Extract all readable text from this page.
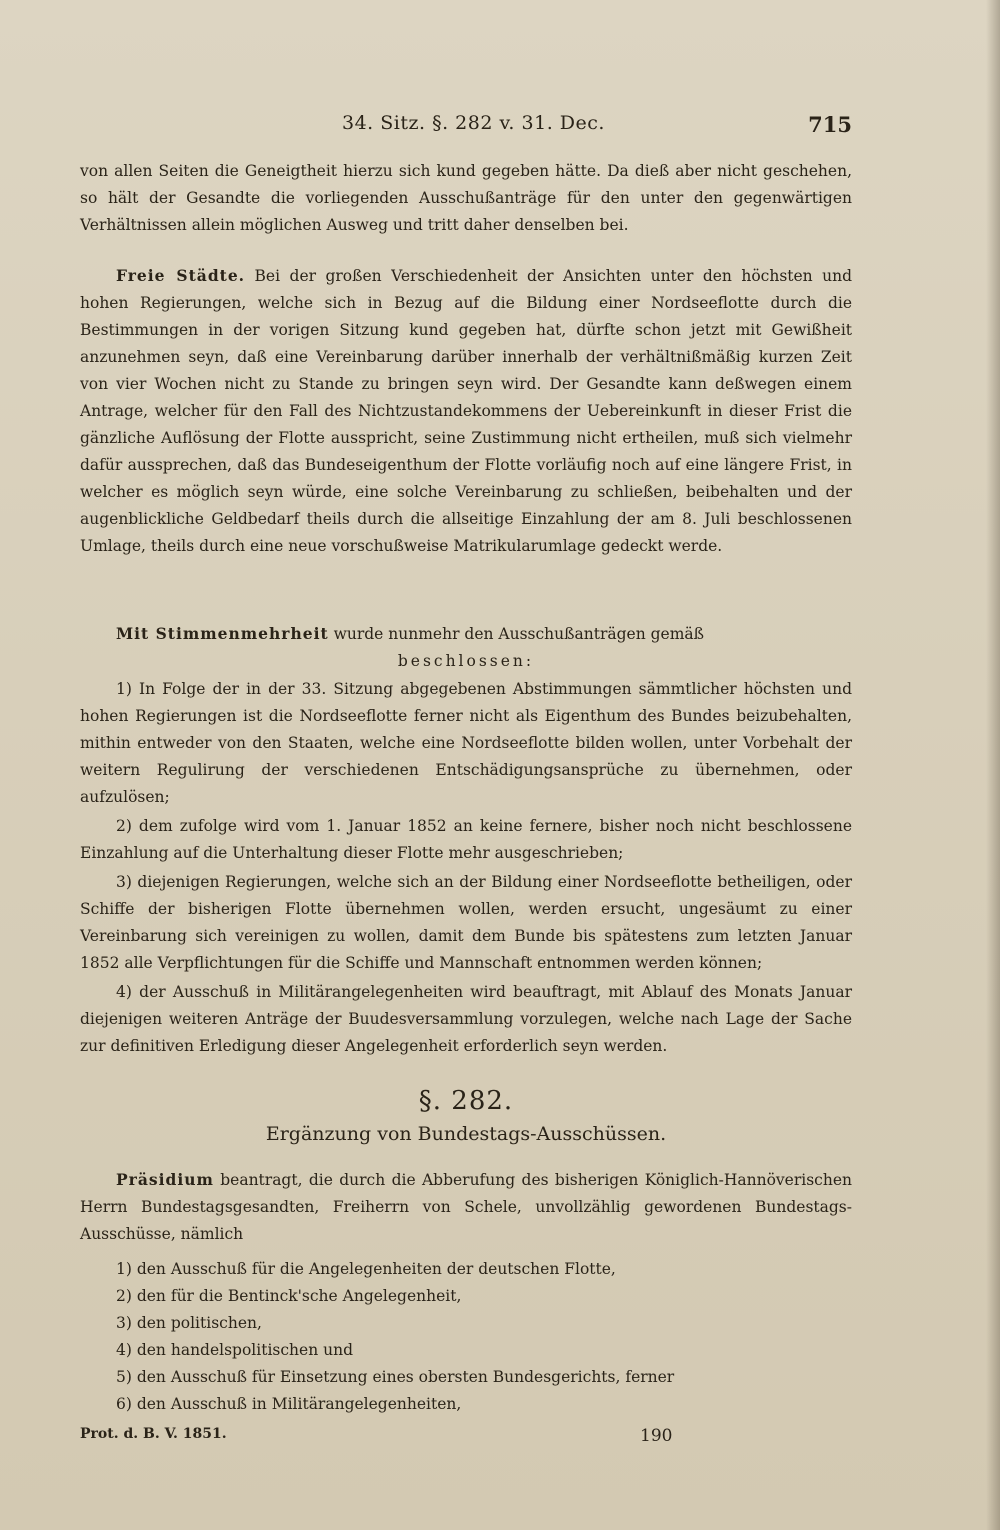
34. Sitz. §. 282 v. 31. Dec.	715

von allen Seiten die Geneigtheit hierzu sich kund gegeben hätte. Da dieß aber nicht geschehen, so hält der Gesandte die vorliegenden Ausschußanträge für den unter den gegenwärtigen Verhältnissen allein möglichen Ausweg und tritt daher denselben bei.

Freie Städte. Bei der großen Verschiedenheit der Ansichten unter den höchsten und hohen Regierungen, welche sich in Bezug auf die Bildung einer Nordseeflotte durch die Bestimmungen in der vorigen Sitzung kund gegeben hat, dürfte schon jetzt mit Gewißheit anzunehmen seyn, daß eine Vereinbarung darüber innerhalb der verhältnißmäßig kurzen Zeit von vier Wochen nicht zu Stande zu bringen seyn wird. Der Gesandte kann deßwegen einem Antrage, welcher für den Fall des Nichtzustandekommens der Uebereinkunft in dieser Frist die gänzliche Auflösung der Flotte ausspricht, seine Zustimmung nicht ertheilen, muß sich vielmehr dafür aussprechen, daß das Bundeseigenthum der Flotte vorläufig noch auf eine längere Frist, in welcher es möglich seyn würde, eine solche Vereinbarung zu schließen, beibehalten und der augenblickliche Geldbedarf theils durch die allseitige Einzahlung der am 8. Juli beschlossenen Umlage, theils durch eine neue vorschußweise Matrikularumlage gedeckt werde.

Mit Stimmenmehrheit wurde nunmehr den Ausschußanträgen gemäß

beschlossen:

1) In Folge der in der 33. Sitzung abgegebenen Abstimmungen sämmtlicher höchsten und hohen Regierungen ist die Nordseeflotte ferner nicht als Eigenthum des Bundes beizubehalten, mithin entweder von den Staaten, welche eine Nordseeflotte bilden wollen, unter Vorbehalt der weitern Regulirung der verschiedenen Entschädigungsansprüche zu übernehmen, oder aufzulösen;

2) dem zufolge wird vom 1. Januar 1852 an keine fernere, bisher noch nicht beschlossene Einzahlung auf die Unterhaltung dieser Flotte mehr ausgeschrieben;

3) diejenigen Regierungen, welche sich an der Bildung einer Nordseeflotte betheiligen, oder Schiffe der bisherigen Flotte übernehmen wollen, werden ersucht, ungesäumt zu einer Vereinbarung sich vereinigen zu wollen, damit dem Bunde bis spätestens zum letzten Januar 1852 alle Verpflichtungen für die Schiffe und Mannschaft entnommen werden können;

4) der Ausschuß in Militärangelegenheiten wird beauftragt, mit Ablauf des Monats Januar diejenigen weiteren Anträge der Buudesversammlung vorzulegen, welche nach Lage der Sache zur definitiven Erledigung dieser Angelegenheit erforderlich seyn werden.

§. 282.

Ergänzung von Bundestags-Ausschüssen.

Präsidium beantragt, die durch die Abberufung des bisherigen Königlich-Hannöverischen Herrn Bundestagsgesandten, Freiherrn von Schele, unvollzählig gewordenen Bundestags-Ausschüsse, nämlich

1) den Ausschuß für die Angelegenheiten der deutschen Flotte,

2) den für die Bentinck'sche Angelegenheit,

3) den politischen,

4) den handelspolitischen und

5) den Ausschuß für Einsetzung eines obersten Bundesgerichts, ferner

6) den Ausschuß in Militärangelegenheiten,

Prot. d. B. V. 1851.	190
